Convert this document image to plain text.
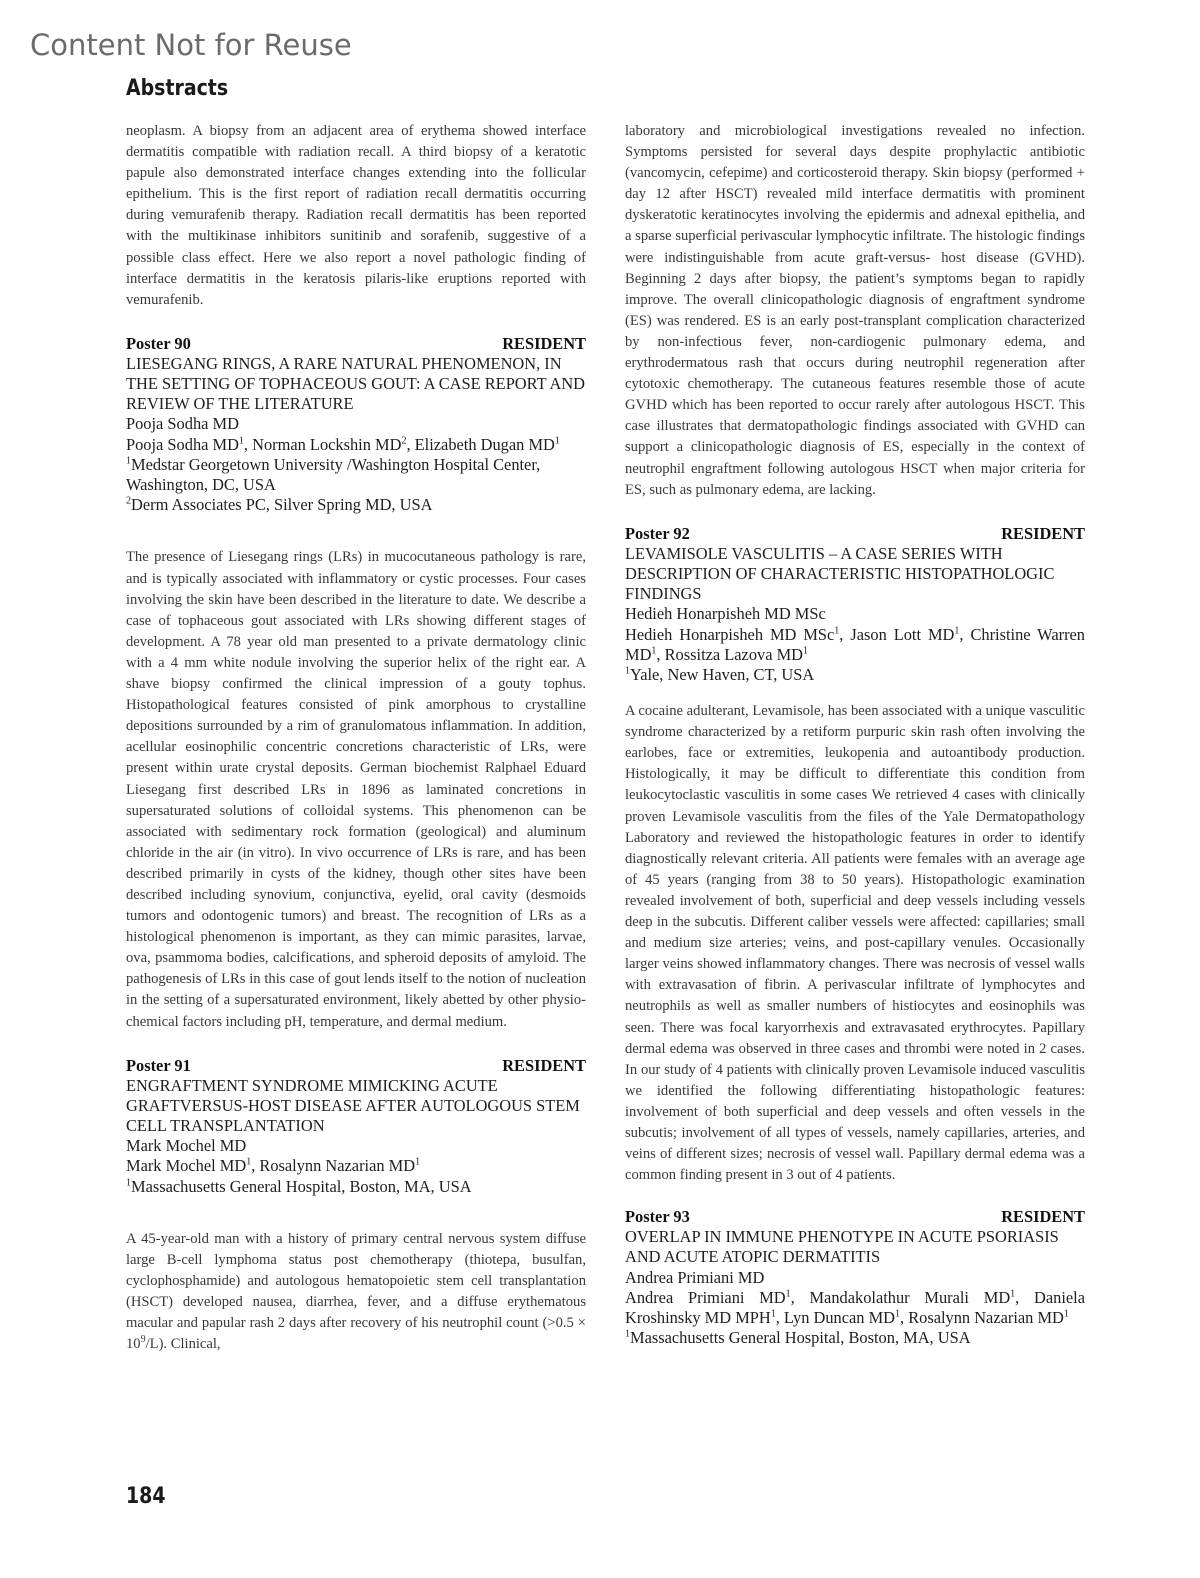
Content Not for Reuse
Abstracts

neoplasm. A biopsy from an adjacent area of erythema showed interface dermatitis compatible with radiation recall. A third biopsy of a keratotic papule also demonstrated interface changes extending into the follicular epithelium. This is the first report of radiation recall dermatitis occurring during vemurafenib therapy. Radiation recall dermatitis has been reported with the multikinase inhibitors sunitinib and sorafenib, suggestive of a possible class effect. Here we also report a novel pathologic finding of interface dermatitis in the keratosis pilaris-like eruptions reported with vemurafenib.

Poster 90	RESIDENT
LIESEGANG RINGS, A RARE NATURAL PHENOMENON, IN THE SETTING OF TOPHACEOUS GOUT: A CASE REPORT AND REVIEW OF THE LITERATURE
Pooja Sodha MD
Pooja Sodha $MD^1$, Norman Lockshin $MD^2$, Elizabeth Dugan $MD^1$
$^1$Medstar Georgetown University /Washington Hospital Center, Washington, DC, USA
$^2$Derm Associates PC, Silver Spring MD, USA

The presence of Liesegang rings (LRs) in mucocutaneous pathology is rare, and is typically associated with inflammatory or cystic processes. Four cases involving the skin have been described in the literature to date. We describe a case of tophaceous gout associated with LRs showing different stages of development. A 78 year old man presented to a private dermatology clinic with a 4 mm white nodule involving the superior helix of the right ear. A shave biopsy confirmed the clinical impression of a gouty tophus. Histopathological features consisted of pink amorphous to crystalline depositions surrounded by a rim of granulomatous inflammation. In addition, acellular eosinophilic concentric concretions characteristic of LRs, were present within urate crystal deposits. German biochemist Ralphael Eduard Liesegang first described LRs in 1896 as laminated concretions in supersaturated solutions of colloidal systems. This phenomenon can be associated with sedimentary rock formation (geological) and aluminum chloride in the air (in vitro). In vivo occurrence of LRs is rare, and has been described primarily in cysts of the kidney, though other sites have been described including synovium, conjunctiva, eyelid, oral cavity (desmoids tumors and odontogenic tumors) and breast. The recognition of LRs as a histological phenomenon is important, as they can mimic parasites, larvae, ova, psammoma bodies, calcifications, and spheroid deposits of amyloid. The pathogenesis of LRs in this case of gout lends itself to the notion of nucleation in the setting of a supersaturated environment, likely abetted by other physio-chemical factors including pH, temperature, and dermal medium.

Poster 91	RESIDENT
ENGRAFTMENT SYNDROME MIMICKING ACUTE GRAFTVERSUS-HOST DISEASE AFTER AUTOLOGOUS STEM CELL TRANSPLANTATION
Mark Mochel MD
Mark Mochel $MD^1$, Rosalynn Nazarian $MD^1$
$^1$Massachusetts General Hospital, Boston, MA, USA

A 45-year-old man with a history of primary central nervous system diffuse large B-cell lymphoma status post chemotherapy (thiotepa, busulfan, cyclophosphamide) and autologous hematopoietic stem cell transplantation (HSCT) developed nausea, diarrhea, fever, and a diffuse erythematous macular and papular rash 2 days after recovery of his neutrophil count $(>0.5 \times 10^9/L)$. Clinical,

laboratory and microbiological investigations revealed no infection. Symptoms persisted for several days despite prophylactic antibiotic (vancomycin, cefepime) and corticosteroid therapy. Skin biopsy (performed + day 12 after HSCT) revealed mild interface dermatitis with prominent dyskeratotic keratinocytes involving the epidermis and adnexal epithelia, and a sparse superficial perivascular lymphocytic infiltrate. The histologic findings were indistinguishable from acute graft-versus- host disease (GVHD). Beginning 2 days after biopsy, the patient’s symptoms began to rapidly improve. The overall clinicopathologic diagnosis of engraftment syndrome (ES) was rendered. ES is an early post-transplant complication characterized by non-infectious fever, non-cardiogenic pulmonary edema, and erythrodermatous rash that occurs during neutrophil regeneration after cytotoxic chemotherapy. The cutaneous features resemble those of acute GVHD which has been reported to occur rarely after autologous HSCT. This case illustrates that dermatopathologic findings associated with GVHD can support a clinicopathologic diagnosis of ES, especially in the context of neutrophil engraftment following autologous HSCT when major criteria for ES, such as pulmonary edema, are lacking.

Poster 92	RESIDENT
LEVAMISOLE VASCULITIS – A CASE SERIES WITH DESCRIPTION OF CHARACTERISTIC HISTOPATHOLOGIC FINDINGS
Hedieh Honarpisheh MD MSc
Hedieh Honarpisheh MD MSc$^1$, Jason Lott $MD^1$, Christine Warren $MD^1$, Rossitza Lazova $MD^1$
$^1$Yale, New Haven, CT, USA

A cocaine adulterant, Levamisole, has been associated with a unique vasculitic syndrome characterized by a retiform purpuric skin rash often involving the earlobes, face or extremities, leukopenia and autoantibody production. Histologically, it may be difficult to differentiate this condition from leukocytoclastic vasculitis in some cases We retrieved 4 cases with clinically proven Levamisole vasculitis from the files of the Yale Dermatopathology Laboratory and reviewed the histopathologic features in order to identify diagnostically relevant criteria. All patients were females with an average age of 45 years (ranging from 38 to 50 years). Histopathologic examination revealed involvement of both, superficial and deep vessels including vessels deep in the subcutis. Different caliber vessels were affected: capillaries; small and medium size arteries; veins, and post-capillary venules. Occasionally larger veins showed inflammatory changes. There was necrosis of vessel walls with extravasation of fibrin. A perivascular infiltrate of lymphocytes and neutrophils as well as smaller numbers of histiocytes and eosinophils was seen. There was focal karyorrhexis and extravasated erythrocytes. Papillary dermal edema was observed in three cases and thrombi were noted in 2 cases. In our study of 4 patients with clinically proven Levamisole induced vasculitis we identified the following differentiating histopathologic features: involvement of both superficial and deep vessels and often vessels in the subcutis; involvement of all types of vessels, namely capillaries, arteries, and veins of different sizes; necrosis of vessel wall. Papillary dermal edema was a common finding present in 3 out of 4 patients.

Poster 93	RESIDENT
OVERLAP IN IMMUNE PHENOTYPE IN ACUTE PSORIASIS AND ACUTE ATOPIC DERMATITIS
Andrea Primiani MD
Andrea Primiani $MD^1$, Mandakolathur Murali $MD^1$, Daniela Kroshinsky MD MPH$^1$, Lyn Duncan $MD^1$, Rosalynn Nazarian $MD^1$
$^1$Massachusetts General Hospital, Boston, MA, USA
184
